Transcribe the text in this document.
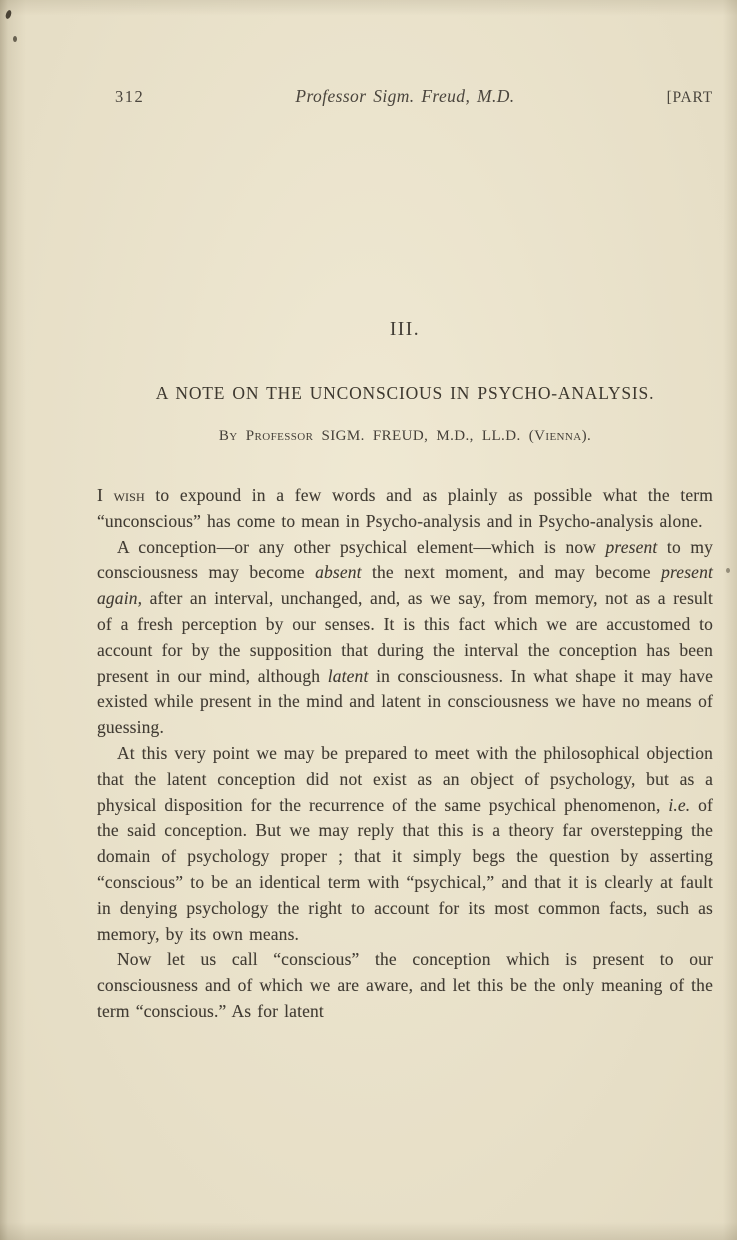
312	Professor Sigm. Freud, M.D.	[PART
III.
A NOTE ON THE UNCONSCIOUS IN PSYCHO-ANALYSIS.

By Professor SIGM. FREUD, M.D., LL.D. (Vienna).

I wish to expound in a few words and as plainly as possible what the term “unconscious” has come to mean in Psycho-analysis and in Psycho-analysis alone.

A conception—or any other psychical element—which is now present to my consciousness may become absent the next moment, and may become present again, after an interval, unchanged, and, as we say, from memory, not as a result of a fresh perception by our senses. It is this fact which we are accustomed to account for by the supposition that during the interval the conception has been present in our mind, although latent in consciousness. In what shape it may have existed while present in the mind and latent in consciousness we have no means of guessing.

At this very point we may be prepared to meet with the philosophical objection that the latent conception did not exist as an object of psychology, but as a physical disposition for the recurrence of the same psychical phenomenon, i.e. of the said conception. But we may reply that this is a theory far overstepping the domain of psychology proper ; that it simply begs the question by asserting “conscious” to be an identical term with “psychical,” and that it is clearly at fault in denying psychology the right to account for its most common facts, such as memory, by its own means.

Now let us call “conscious” the conception which is present to our consciousness and of which we are aware, and let this be the only meaning of the term “conscious.” As for latent
